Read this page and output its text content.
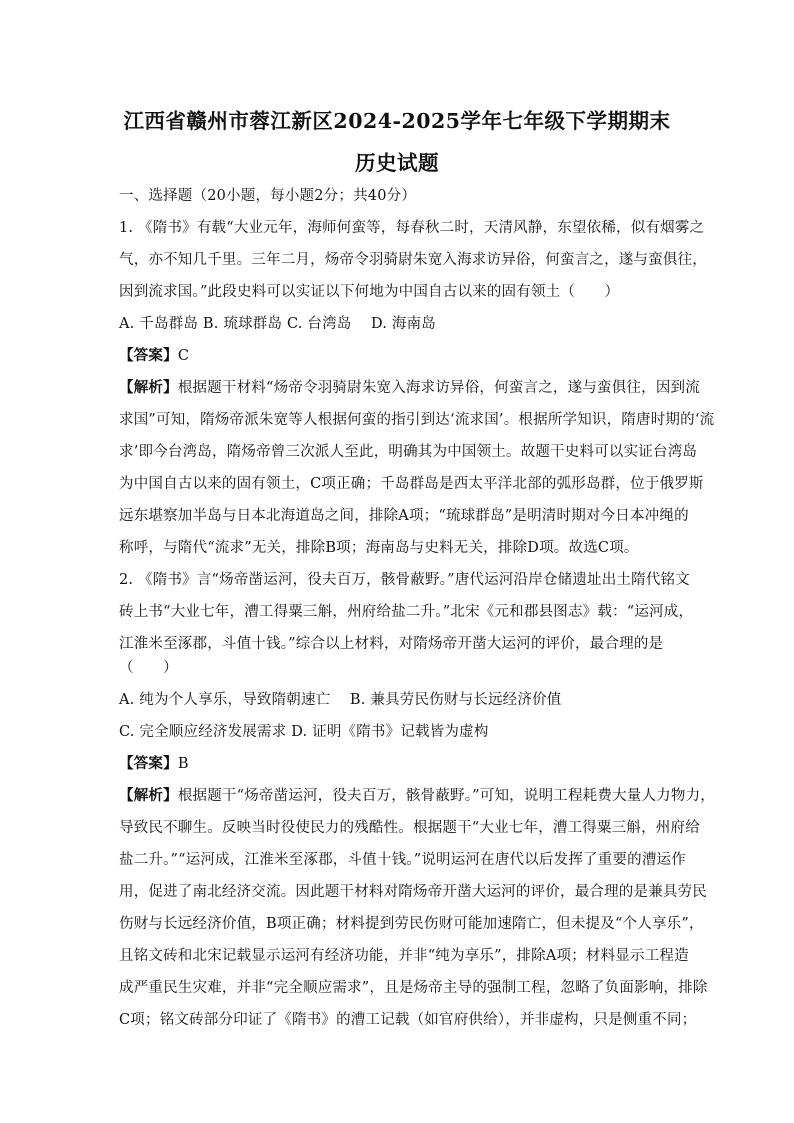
江西省赣州市蓉江新区2024-2025学年七年级下学期期末
历史试题
一、选择题（20小题，每小题2分；共40分）
1. 《隋书》有载“大业元年，海师何蛮等，每春秋二时，天清风静，东望依稀，似有烟雾之
气，亦不知几千里。三年二月，炀帝令羽骑尉朱宽入海求访异俗，何蛮言之，遂与蛮俱往，
因到流求国。”此段史料可以实证以下何地为中国自古以来的固有领土（　　）
A. 千岛群岛 B. 琉球群岛 C. 台湾岛　 D. 海南岛
【答案】C
【解析】根据题干材料“炀帝令羽骑尉朱宽入海求访异俗，何蛮言之，遂与蛮俱往，因到流
求国”可知，隋炀帝派朱宽等人根据何蛮的指引到达‘流求国’。根据所学知识，隋唐时期的‘流
求’即今台湾岛，隋炀帝曾三次派人至此，明确其为中国领土。故题干史料可以实证台湾岛
为中国自古以来的固有领土，C项正确；千岛群岛是西太平洋北部的弧形岛群，位于俄罗斯
远东堪察加半岛与日本北海道岛之间，排除A项；“琉球群岛”是明清时期对今日本冲绳的
称呼，与隋代“流求”无关，排除B项；海南岛与史料无关，排除D项。故选C项。
2. 《隋书》言“炀帝凿运河，役夫百万，骸骨蔽野。”唐代运河沿岸仓储遗址出土隋代铭文
砖上书“大业七年，漕工得粟三斛，州府给盐二升。”北宋《元和郡县图志》载：“运河成，
江淮米至涿郡，斗值十钱。”综合以上材料，对隋炀帝开凿大运河的评价，最合理的是
（　　）
A. 纯为个人享乐，导致隋朝速亡　 B. 兼具劳民伤财与长远经济价值
C. 完全顺应经济发展需求 D. 证明《隋书》记载皆为虚构
【答案】B
【解析】根据题干“炀帝凿运河，役夫百万，骸骨蔽野。”可知，说明工程耗费大量人力物力，
导致民不聊生。反映当时役使民力的残酷性。根据题干“大业七年，漕工得粟三斛，州府给
盐二升。”“运河成，江淮米至涿郡，斗值十钱。”说明运河在唐代以后发挥了重要的漕运作
用，促进了南北经济交流。因此题干材料对隋炀帝开凿大运河的评价，最合理的是兼具劳民
伤财与长远经济价值，B项正确；材料提到劳民伤财可能加速隋亡，但未提及“个人享乐”，
且铭文砖和北宋记载显示运河有经济功能，并非“纯为享乐”，排除A项；材料显示工程造
成严重民生灾难，并非“完全顺应需求”，且是炀帝主导的强制工程，忽略了负面影响，排除
C项；铭文砖部分印证了《隋书》的漕工记载（如官府供给），并非虚构，只是侧重不同；
